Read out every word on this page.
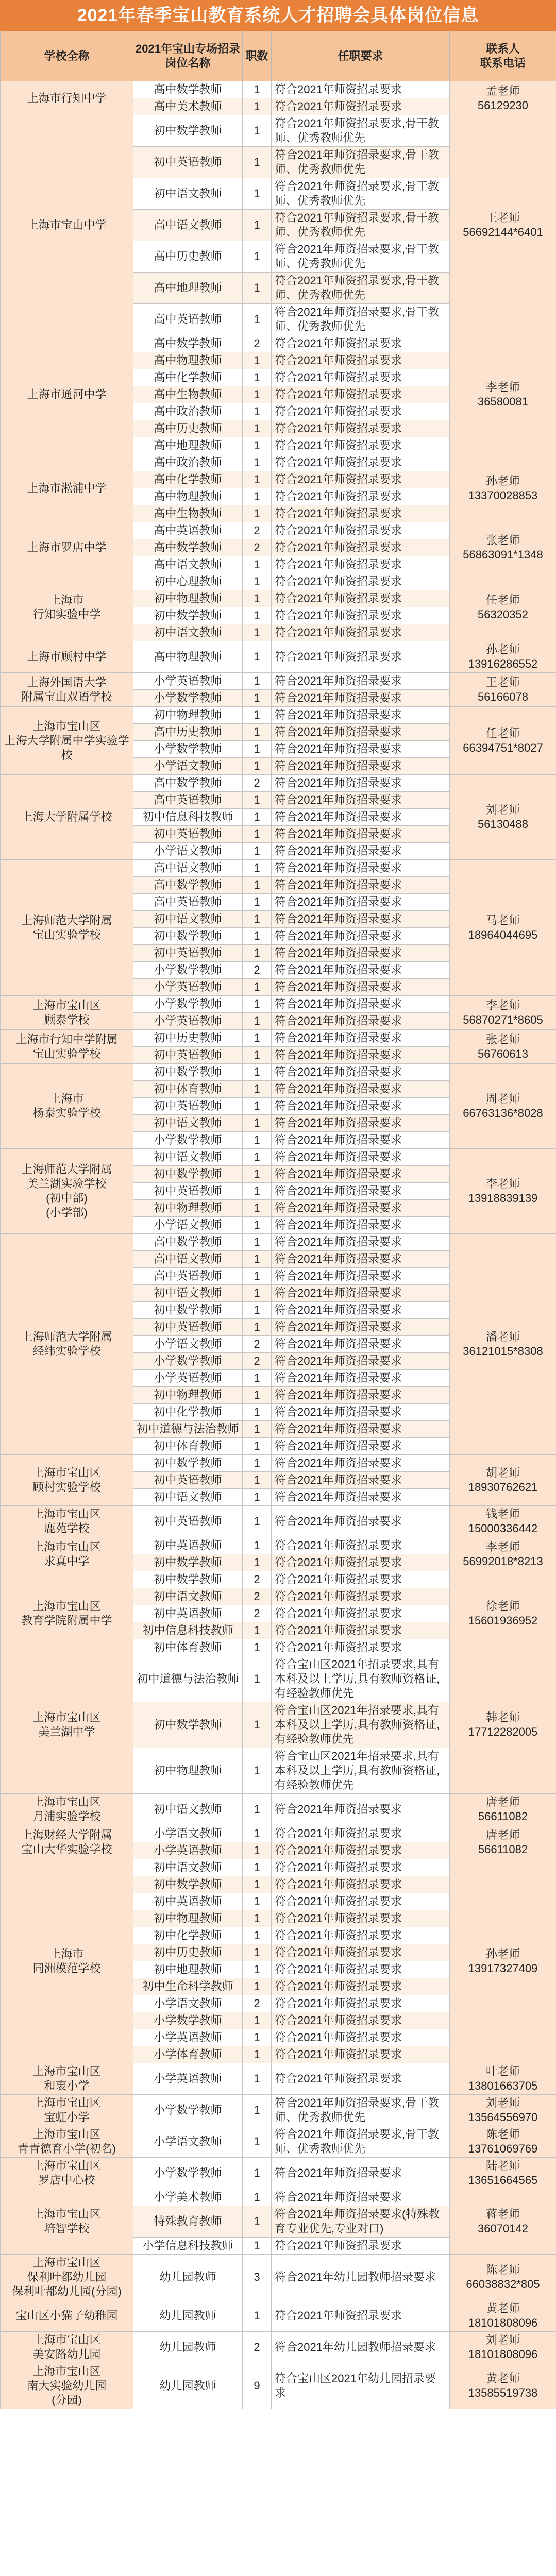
2021年春季宝山教育系统人才招聘会具体岗位信息
学校全称	2021年宝山专场招录岗位名称	职数	任职要求	联系人
联系电话
上海市行知中学	高中数学教师	1	符合2021年师资招录要求	孟老师
56129230
	高中美术教师	1	符合2021年师资招录要求	
上海市宝山中学	初中数学教师	1	符合2021年师资招录要求,骨干教师、优秀教师优先	王老师
56692144*6401
	初中英语教师	1	符合2021年师资招录要求,骨干教师、优秀教师优先	
	初中语文教师	1	符合2021年师资招录要求,骨干教师、优秀教师优先	
	高中语文教师	1	符合2021年师资招录要求,骨干教师、优秀教师优先	
	高中历史教师	1	符合2021年师资招录要求,骨干教师、优秀教师优先	
	高中地理教师	1	符合2021年师资招录要求,骨干教师、优秀教师优先	
	高中英语教师	1	符合2021年师资招录要求,骨干教师、优秀教师优先	
上海市通河中学	高中数学教师	2	符合2021年师资招录要求	李老师
36580081
	高中物理教师	1	符合2021年师资招录要求	
	高中化学教师	1	符合2021年师资招录要求	
	高中生物教师	1	符合2021年师资招录要求	
	高中政治教师	1	符合2021年师资招录要求	
	高中历史教师	1	符合2021年师资招录要求	
	高中地理教师	1	符合2021年师资招录要求	
上海市淞浦中学	高中政治教师	1	符合2021年师资招录要求	孙老师
13370028853
	高中化学教师	1	符合2021年师资招录要求	
	高中物理教师	1	符合2021年师资招录要求	
	高中生物教师	1	符合2021年师资招录要求	
上海市罗店中学	高中英语教师	2	符合2021年师资招录要求	张老师
56863091*1348
	高中数学教师	2	符合2021年师资招录要求	
	高中语文教师	1	符合2021年师资招录要求	
上海市
行知实验中学	初中心理教师	1	符合2021年师资招录要求	任老师
56320352
	初中物理教师	1	符合2021年师资招录要求	
	初中数学教师	1	符合2021年师资招录要求	
	初中语文教师	1	符合2021年师资招录要求	
上海市顾村中学	高中物理教师	1	符合2021年师资招录要求	孙老师
13916286552
上海外国语大学
附属宝山双语学校	小学英语教师	1	符合2021年师资招录要求	王老师
56166078
	小学数学教师	1	符合2021年师资招录要求	
上海市宝山区
上海大学附属中学实验学校	初中物理教师	1	符合2021年师资招录要求	任老师
66394751*8027
	高中历史教师	1	符合2021年师资招录要求	
	小学数学教师	1	符合2021年师资招录要求	
	小学语文教师	1	符合2021年师资招录要求	
上海大学附属学校	高中数学教师	2	符合2021年师资招录要求	刘老师
56130488
	高中英语教师	1	符合2021年师资招录要求	
	初中信息科技教师	1	符合2021年师资招录要求	
	初中英语教师	1	符合2021年师资招录要求	
	小学语文教师	1	符合2021年师资招录要求	
上海师范大学附属
宝山实验学校	高中语文教师	1	符合2021年师资招录要求	马老师
18964044695
	高中数学教师	1	符合2021年师资招录要求	
	高中英语教师	1	符合2021年师资招录要求	
	初中语文教师	1	符合2021年师资招录要求	
	初中数学教师	1	符合2021年师资招录要求	
	初中英语教师	1	符合2021年师资招录要求	
	小学数学教师	2	符合2021年师资招录要求	
	小学英语教师	1	符合2021年师资招录要求	
上海市宝山区
顾泰学校	小学数学教师	1	符合2021年师资招录要求	李老师
56870271*8605
	小学英语教师	1	符合2021年师资招录要求	
上海市行知中学附属
宝山实验学校	初中历史教师	1	符合2021年师资招录要求	张老师
56760613
	初中英语教师	1	符合2021年师资招录要求	
上海市
杨泰实验学校	初中数学教师	1	符合2021年师资招录要求	周老师
66763136*8028
	初中体育教师	1	符合2021年师资招录要求	
	初中英语教师	1	符合2021年师资招录要求	
	初中语文教师	1	符合2021年师资招录要求	
	小学数学教师	1	符合2021年师资招录要求	
上海师范大学附属
美兰湖实验学校
(初中部)
(小学部)	初中语文教师	1	符合2021年师资招录要求	李老师
13918839139
	初中数学教师	1	符合2021年师资招录要求	
	初中英语教师	1	符合2021年师资招录要求	
	初中物理教师	1	符合2021年师资招录要求	
	小学语文教师	1	符合2021年师资招录要求	
上海师范大学附属
经纬实验学校	高中数学教师	1	符合2021年师资招录要求	潘老师
36121015*8308
	高中语文教师	1	符合2021年师资招录要求	
	高中英语教师	1	符合2021年师资招录要求	
	初中语文教师	1	符合2021年师资招录要求	
	初中数学教师	1	符合2021年师资招录要求	
	初中英语教师	1	符合2021年师资招录要求	
	小学语文教师	2	符合2021年师资招录要求	
	小学数学教师	2	符合2021年师资招录要求	
	小学英语教师	1	符合2021年师资招录要求	
	初中物理教师	1	符合2021年师资招录要求	
	初中化学教师	1	符合2021年师资招录要求	
	初中道德与法治教师	1	符合2021年师资招录要求	
	初中体育教师	1	符合2021年师资招录要求	
上海市宝山区
顾村实验学校	初中数学教师	1	符合2021年师资招录要求	胡老师
18930762621
	初中英语教师	1	符合2021年师资招录要求	
	初中语文教师	1	符合2021年师资招录要求	
上海市宝山区
鹿苑学校	初中英语教师	1	符合2021年师资招录要求	钱老师
15000336442
上海市宝山区
求真中学	初中英语教师	1	符合2021年师资招录要求	李老师
56992018*8213
	初中数学教师	1	符合2021年师资招录要求	
上海市宝山区
教育学院附属中学	初中数学教师	2	符合2021年师资招录要求	徐老师
15601936952
	初中语文教师	2	符合2021年师资招录要求	
	初中英语教师	2	符合2021年师资招录要求	
	初中信息科技教师	1	符合2021年师资招录要求	
	初中体育教师	1	符合2021年师资招录要求	
上海市宝山区
美兰湖中学	初中道德与法治教师	1	符合宝山区2021年招录要求,具有本科及以上学历,具有教师资格证,有经验教师优先	韩老师
17712282005
	初中数学教师	1	符合宝山区2021年招录要求,具有本科及以上学历,具有教师资格证,有经验教师优先	
	初中物理教师	1	符合宝山区2021年招录要求,具有本科及以上学历,具有教师资格证,有经验教师优先	
上海市宝山区
月浦实验学校	初中语文教师	1	符合2021年师资招录要求	唐老师
56611082
上海财经大学附属
宝山大华实验学校	小学语文教师	1	符合2021年师资招录要求	唐老师
56611082
	小学英语教师	1	符合2021年师资招录要求	
上海市
同洲模范学校	初中语文教师	1	符合2021年师资招录要求	孙老师
13917327409
	初中数学教师	1	符合2021年师资招录要求	
	初中英语教师	1	符合2021年师资招录要求	
	初中物理教师	1	符合2021年师资招录要求	
	初中化学教师	1	符合2021年师资招录要求	
	初中历史教师	1	符合2021年师资招录要求	
	初中地理教师	1	符合2021年师资招录要求	
	初中生命科学教师	1	符合2021年师资招录要求	
	小学语文教师	2	符合2021年师资招录要求	
	小学数学教师	1	符合2021年师资招录要求	
	小学英语教师	1	符合2021年师资招录要求	
	小学体育教师	1	符合2021年师资招录要求	
上海市宝山区
和衷小学	小学英语教师	1	符合2021年师资招录要求	叶老师
13801663705
上海市宝山区
宝虹小学	小学数学教师	1	符合2021年师资招录要求,骨干教师、优秀教师优先	刘老师
13564556970
上海市宝山区
青青德育小学(初名)	小学语文教师	1	符合2021年师资招录要求,骨干教师、优秀教师优先	陈老师
13761069769
上海市宝山区
罗店中心校	小学数学教师	1	符合2021年师资招录要求	陆老师
13651664565
上海市宝山区
培智学校	小学美术教师	1	符合2021年师资招录要求	蒋老师
36070142
	特殊教育教师	1	符合2021年师资招录要求(特殊教育专业优先,专业对口)	
	小学信息科技教师	1	符合2021年师资招录要求	
上海市宝山区
保利叶都幼儿园
保利叶都幼儿园(分园)	幼儿园教师	3	符合2021年幼儿园教师招录要求	陈老师
66038832*805
宝山区小猫子幼稚园	幼儿园教师	1	符合2021年师资招录要求	黄老师
18101808096
上海市宝山区
美安路幼儿园	幼儿园教师	2	符合2021年幼儿园教师招录要求	刘老师
18101808096
上海市宝山区
南大实验幼儿园
(分园)	幼儿园教师	9	符合宝山区2021年幼儿园招录要求	黄老师
13585519738
